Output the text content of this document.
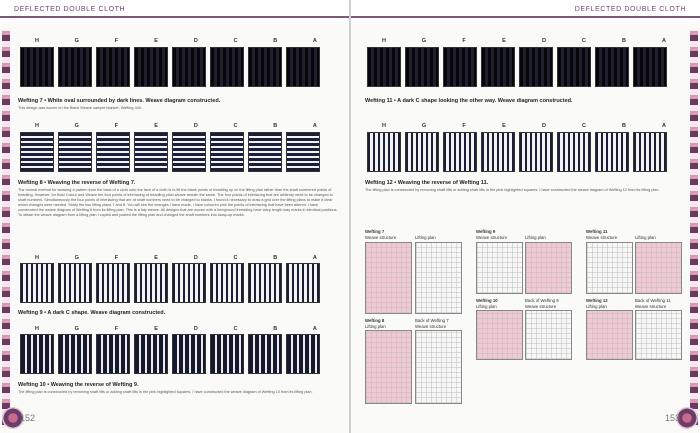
DEFLECTED DOUBLE CLOTH
H	G	F	E	D	C	B	A
Wefting 7 • White oval surrounded by dark lines. Weave diagram constructed.
This design was woven on the Black Weave sample blanket, Wefting 440.
H	G	F	E	D	C	B	A
Wefting 8 • Weaving the reverse of Wefting 7.
The normal method for weaving a pattern from the back of a cloth onto the face of a cloth is to lift the blank points of treadling up on the lifting plan rather than the shaft numbered points of treadling. However, for Bold Colour and Weave the four points of interlacing of treadling plain weave remain the same. The four points of interlacing that are arbitrary need to be changed to shaft numbers. Simultaneously the four points of interlacing that are at shaft numbers need to be changed to blanks. I found it necessary to draw a grid over the lifting plans to make it clear which changes were needed. Study the two lifting plans 7 and 8. You will see the changes I have made. I have coloured pink the points of interlacing that have been altered. I have constructed the weave diagram of Wefting 8 from its lifting plan. This is a tidy weave. All designs that are woven with a foreground threading have warp length way marks in identical positions. To obtain the weave diagram from a lifting plan I copied and pasted the lifting plan and changed the shaft numbers into swap-up marks.
H	G	F	E	D	C	B	A
Wefting 9 • A dark C shape. Weave diagram constructed.
H	G	F	E	D	C	B	A
Wefting 10 • Weaving the reverse of Wefting 9.
The lifting plan is constructed by removing shaft lifts or adding shaft lifts in the pink highlighted squares. I have constructed the weave diagram of Wefting 10 from its lifting plan.
152
DEFLECTED DOUBLE CLOTH
H	G	F	E	D	C	B	A
Wefting 11 • A dark C shape looking the other way. Weave diagram constructed.
H	G	F	E	D	C	B	A
Wefting 12 • Weaving the reverse of Wefting 11.
The lifting plan is constructed by removing shaft lifts or adding shaft lifts in the pink highlighted squares. I have constructed the weave diagram of Wefting 12 from its lifting plan.
Wefting 7
Weave structure	Lifting plan
Wefting 8
Lifting plan
Back of Wefting 7
Weave structure
Wefting 9
Weave structure	Lifting plan
Wefting 10
Lifting plan
Back of Wefting 9
Weave structure
Wefting 11
Weave structure	Lifting plan
Wefting 12
Lifting plan
Back of Wefting 11
Weave structure
153
